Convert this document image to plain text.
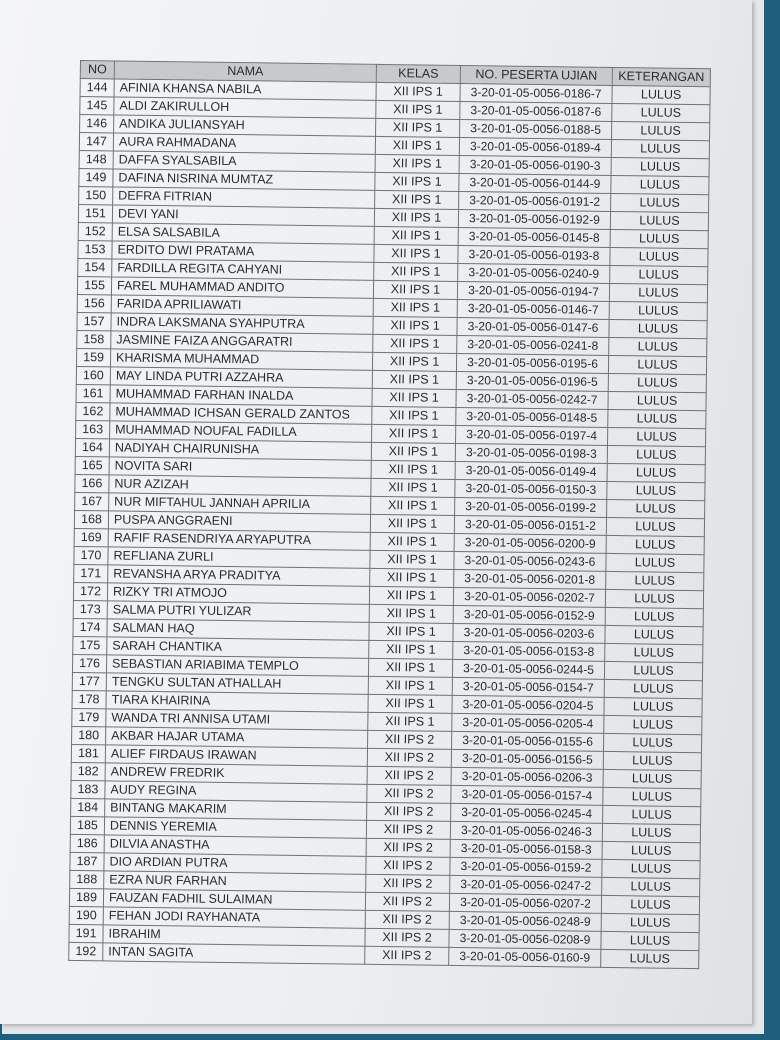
NO	NAMA	KELAS	NO. PESERTA UJIAN	KETERANGAN
144	AFINIA KHANSA NABILA	XII IPS 1	3-20-01-05-0056-0186-7	LULUS
145	ALDI ZAKIRULLOH	XII IPS 1	3-20-01-05-0056-0187-6	LULUS
146	ANDIKA JULIANSYAH	XII IPS 1	3-20-01-05-0056-0188-5	LULUS
147	AURA RAHMADANA	XII IPS 1	3-20-01-05-0056-0189-4	LULUS
148	DAFFA SYALSABILA	XII IPS 1	3-20-01-05-0056-0190-3	LULUS
149	DAFINA NISRINA MUMTAZ	XII IPS 1	3-20-01-05-0056-0144-9	LULUS
150	DEFRA FITRIAN	XII IPS 1	3-20-01-05-0056-0191-2	LULUS
151	DEVI YANI	XII IPS 1	3-20-01-05-0056-0192-9	LULUS
152	ELSA SALSABILA	XII IPS 1	3-20-01-05-0056-0145-8	LULUS
153	ERDITO DWI PRATAMA	XII IPS 1	3-20-01-05-0056-0193-8	LULUS
154	FARDILLA REGITA CAHYANI	XII IPS 1	3-20-01-05-0056-0240-9	LULUS
155	FAREL MUHAMMAD ANDITO	XII IPS 1	3-20-01-05-0056-0194-7	LULUS
156	FARIDA APRILIAWATI	XII IPS 1	3-20-01-05-0056-0146-7	LULUS
157	INDRA LAKSMANA SYAHPUTRA	XII IPS 1	3-20-01-05-0056-0147-6	LULUS
158	JASMINE FAIZA ANGGARATRI	XII IPS 1	3-20-01-05-0056-0241-8	LULUS
159	KHARISMA MUHAMMAD	XII IPS 1	3-20-01-05-0056-0195-6	LULUS
160	MAY LINDA PUTRI AZZAHRA	XII IPS 1	3-20-01-05-0056-0196-5	LULUS
161	MUHAMMAD FARHAN INALDA	XII IPS 1	3-20-01-05-0056-0242-7	LULUS
162	MUHAMMAD ICHSAN GERALD ZANTOS	XII IPS 1	3-20-01-05-0056-0148-5	LULUS
163	MUHAMMAD NOUFAL FADILLA	XII IPS 1	3-20-01-05-0056-0197-4	LULUS
164	NADIYAH CHAIRUNISHA	XII IPS 1	3-20-01-05-0056-0198-3	LULUS
165	NOVITA SARI	XII IPS 1	3-20-01-05-0056-0149-4	LULUS
166	NUR AZIZAH	XII IPS 1	3-20-01-05-0056-0150-3	LULUS
167	NUR MIFTAHUL JANNAH APRILIA	XII IPS 1	3-20-01-05-0056-0199-2	LULUS
168	PUSPA ANGGRAENI	XII IPS 1	3-20-01-05-0056-0151-2	LULUS
169	RAFIF RASENDRIYA ARYAPUTRA	XII IPS 1	3-20-01-05-0056-0200-9	LULUS
170	REFLIANA ZURLI	XII IPS 1	3-20-01-05-0056-0243-6	LULUS
171	REVANSHA ARYA PRADITYA	XII IPS 1	3-20-01-05-0056-0201-8	LULUS
172	RIZKY TRI ATMOJO	XII IPS 1	3-20-01-05-0056-0202-7	LULUS
173	SALMA PUTRI YULIZAR	XII IPS 1	3-20-01-05-0056-0152-9	LULUS
174	SALMAN HAQ	XII IPS 1	3-20-01-05-0056-0203-6	LULUS
175	SARAH CHANTIKA	XII IPS 1	3-20-01-05-0056-0153-8	LULUS
176	SEBASTIAN ARIABIMA TEMPLO	XII IPS 1	3-20-01-05-0056-0244-5	LULUS
177	TENGKU SULTAN ATHALLAH	XII IPS 1	3-20-01-05-0056-0154-7	LULUS
178	TIARA KHAIRINA	XII IPS 1	3-20-01-05-0056-0204-5	LULUS
179	WANDA TRI ANNISA UTAMI	XII IPS 1	3-20-01-05-0056-0205-4	LULUS
180	AKBAR HAJAR UTAMA	XII IPS 2	3-20-01-05-0056-0155-6	LULUS
181	ALIEF FIRDAUS IRAWAN	XII IPS 2	3-20-01-05-0056-0156-5	LULUS
182	ANDREW FREDRIK	XII IPS 2	3-20-01-05-0056-0206-3	LULUS
183	AUDY REGINA	XII IPS 2	3-20-01-05-0056-0157-4	LULUS
184	BINTANG MAKARIM	XII IPS 2	3-20-01-05-0056-0245-4	LULUS
185	DENNIS YEREMIA	XII IPS 2	3-20-01-05-0056-0246-3	LULUS
186	DILVIA ANASTHA	XII IPS 2	3-20-01-05-0056-0158-3	LULUS
187	DIO ARDIAN PUTRA	XII IPS 2	3-20-01-05-0056-0159-2	LULUS
188	EZRA NUR FARHAN	XII IPS 2	3-20-01-05-0056-0247-2	LULUS
189	FAUZAN FADHIL SULAIMAN	XII IPS 2	3-20-01-05-0056-0207-2	LULUS
190	FEHAN JODI RAYHANATA	XII IPS 2	3-20-01-05-0056-0248-9	LULUS
191	IBRAHIM	XII IPS 2	3-20-01-05-0056-0208-9	LULUS
192	INTAN SAGITA	XII IPS 2	3-20-01-05-0056-0160-9	LULUS
